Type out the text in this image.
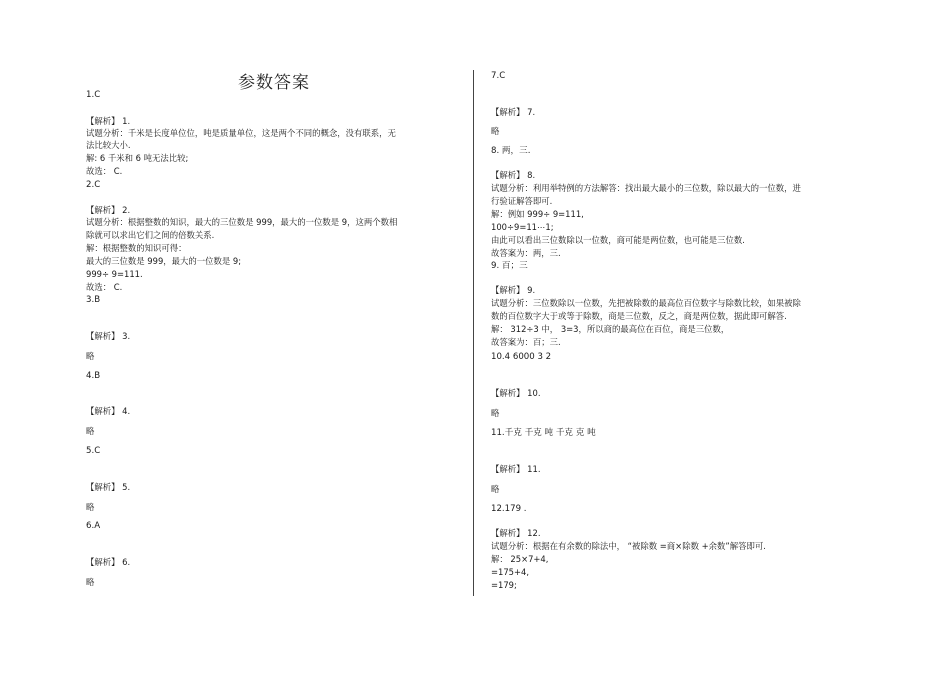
参数答案
1.C
【解析】 1.
试题分析：千米是长度单位位，吨是质量单位，这是两个不同的概念，没有联系，无
法比较大小.
解: 6 千米和 6 吨无法比较;
故选： C.
2.C
【解析】 2.
试题分析：根据整数的知识，最大的三位数是 999，最大的一位数是 9，这两个数相
除就可以求出它们之间的倍数关系.
解：根据整数的知识可得：
最大的三位数是 999，最大的一位数是 9;
999÷ 9=111.
故选： C.
3.B
【解析】 3.
略
4.B
【解析】 4.
略
5.C
【解析】 5.
略
6.A
【解析】 6.
略
7.C
【解析】 7.
略
8. 两，三.
【解析】 8.
试题分析：利用举特例的方法解答：找出最大最小的三位数，除以最大的一位数，进
行验证解答即可.
解：例如 999÷ 9=111,
100÷9=11⋯1;
由此可以看出三位数除以一位数，商可能是两位数，也可能是三位数.
故答案为：两，三.
9. 百；三
【解析】 9.
试题分析：三位数除以一位数，先把被除数的最高位百位数字与除数比较，如果被除
数的百位数字大于或等于除数，商是三位数，反之，商是两位数，据此即可解答.
解： 312÷3 中， 3=3，所以商的最高位在百位，商是三位数，
故答案为：百；三.
10.4 6000 3 2
【解析】 10.
略
11.千克 千克 吨 千克 克 吨
【解析】 11.
略
12.179 .
【解析】 12.
试题分析：根据在有余数的除法中， “被除数 =商×除数 +余数”解答即可.
解： 25×7+4,
=175+4,
=179;
